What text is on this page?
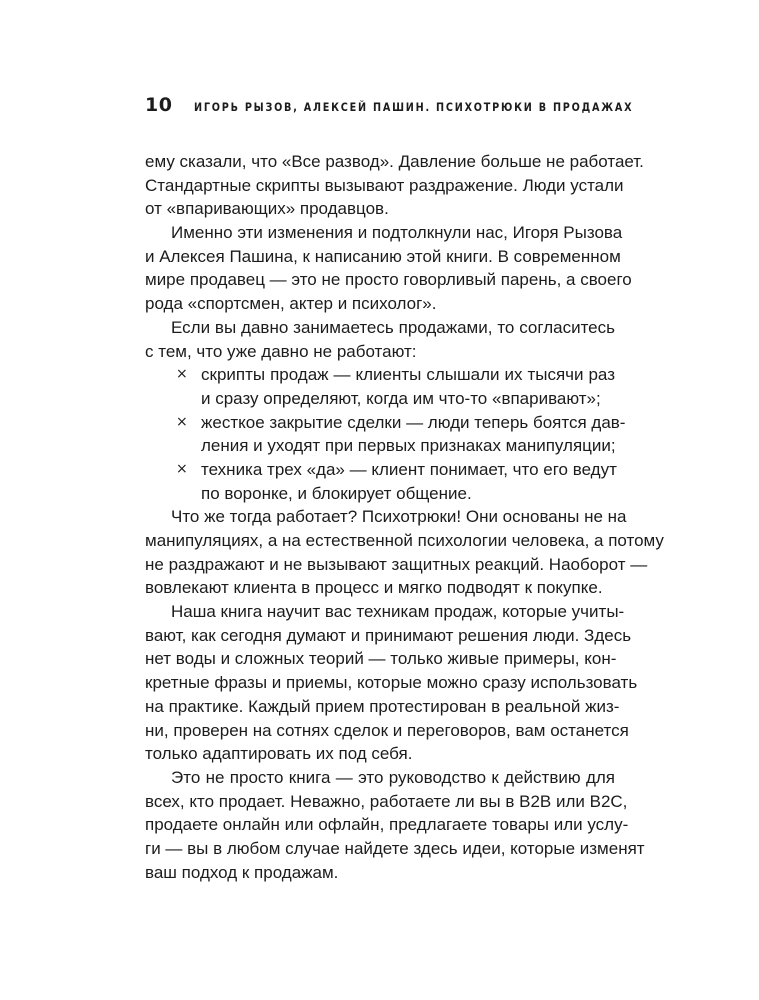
10 ИГОРЬ РЫЗОВ, АЛЕКСЕЙ ПАШИН. ПСИХОТРЮКИ В ПРОДАЖАХ
ему сказали, что «Все развод». Давление больше не работает.
Стандартные скрипты вызывают раздражение. Люди устали
от «впаривающих» продавцов.
Именно эти изменения и подтолкнули нас, Игоря Рызова
и Алексея Пашина, к написанию этой книги. В современном
мире продавец — это не просто говорливый парень, а своего
рода «спортсмен, актер и психолог».
Если вы давно занимаетесь продажами, то согласитесь
с тем, что уже давно не работают:
× скрипты продаж — клиенты слышали их тысячи раз
и сразу определяют, когда им что-то «впаривают»;
× жесткое закрытие сделки — люди теперь боятся дав-
ления и уходят при первых признаках манипуляции;
× техника трех «да» — клиент понимает, что его ведут
по воронке, и блокирует общение.
Что же тогда работает? Психотрюки! Они основаны не на
манипуляциях, а на естественной психологии человека, а потому
не раздражают и не вызывают защитных реакций. Наоборот —
вовлекают клиента в процесс и мягко подводят к покупке.
Наша книга научит вас техникам продаж, которые учиты-
вают, как сегодня думают и принимают решения люди. Здесь
нет воды и сложных теорий — только живые примеры, кон-
кретные фразы и приемы, которые можно сразу использовать
на практике. Каждый прием протестирован в реальной жиз-
ни, проверен на сотнях сделок и переговоров, вам останется
только адаптировать их под себя.
Это не просто книга — это руководство к действию для
всех, кто продает. Неважно, работаете ли вы в B2B или B2C,
продаете онлайн или офлайн, предлагаете товары или услу-
ги — вы в любом случае найдете здесь идеи, которые изменят
ваш подход к продажам.
